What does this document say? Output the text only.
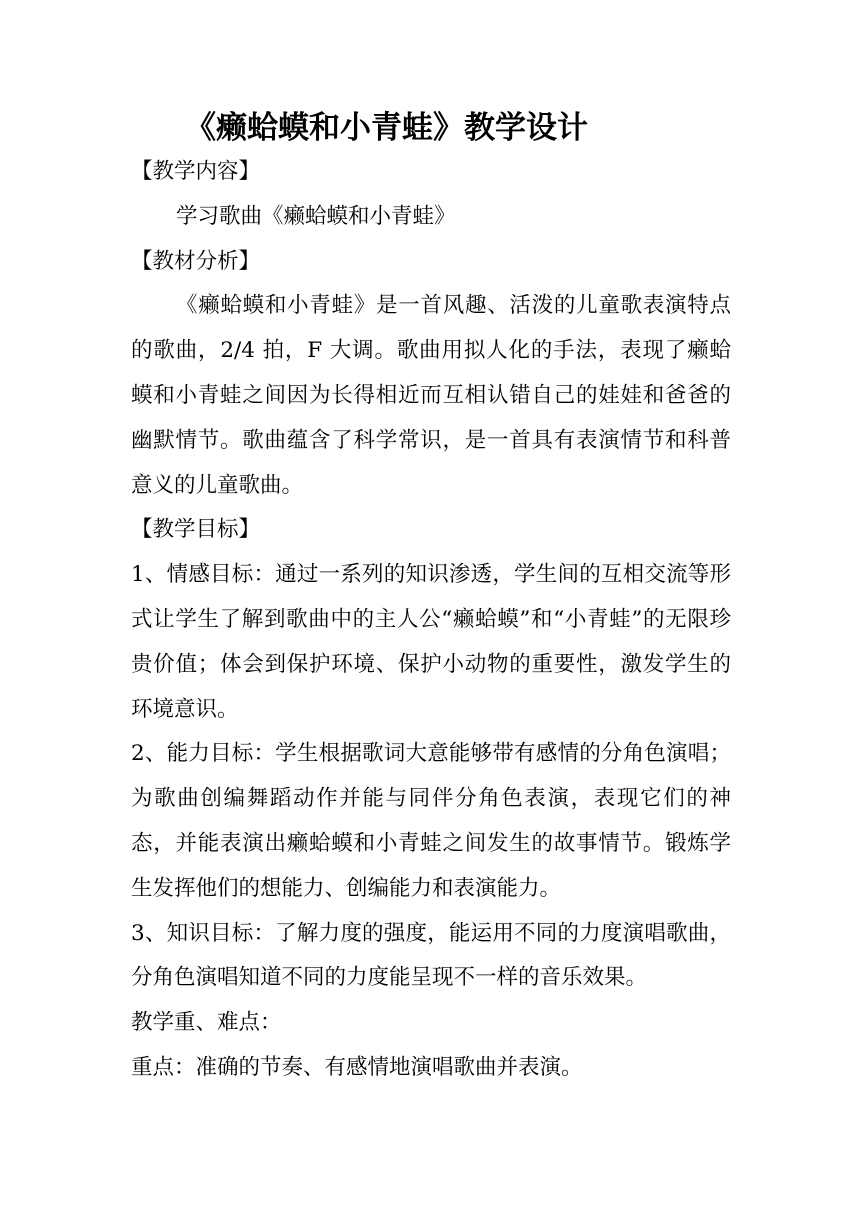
《癞蛤蟆和小青蛙》教学设计

【教学内容】

学习歌曲《癞蛤蟆和小青蛙》

【教材分析】

《癞蛤蟆和小青蛙》是一首风趣、活泼的儿童歌表演特点的歌曲，2/4 拍，F 大调。歌曲用拟人化的手法，表现了癞蛤蟆和小青蛙之间因为长得相近而互相认错自己的娃娃和爸爸的幽默情节。歌曲蕴含了科学常识，是一首具有表演情节和科普意义的儿童歌曲。

【教学目标】

1、情感目标：通过一系列的知识渗透，学生间的互相交流等形式让学生了解到歌曲中的主人公“癞蛤蟆”和“小青蛙”的无限珍贵价值；体会到保护环境、保护小动物的重要性，激发学生的环境意识。

2、能力目标：学生根据歌词大意能够带有感情的分角色演唱；为歌曲创编舞蹈动作并能与同伴分角色表演，表现它们的神态，并能表演出癞蛤蟆和小青蛙之间发生的故事情节。锻炼学生发挥他们的想能力、创编能力和表演能力。

3、知识目标：了解力度的强度，能运用不同的力度演唱歌曲，分角色演唱知道不同的力度能呈现不一样的音乐效果。

教学重、难点：

重点：准确的节奏、有感情地演唱歌曲并表演。
